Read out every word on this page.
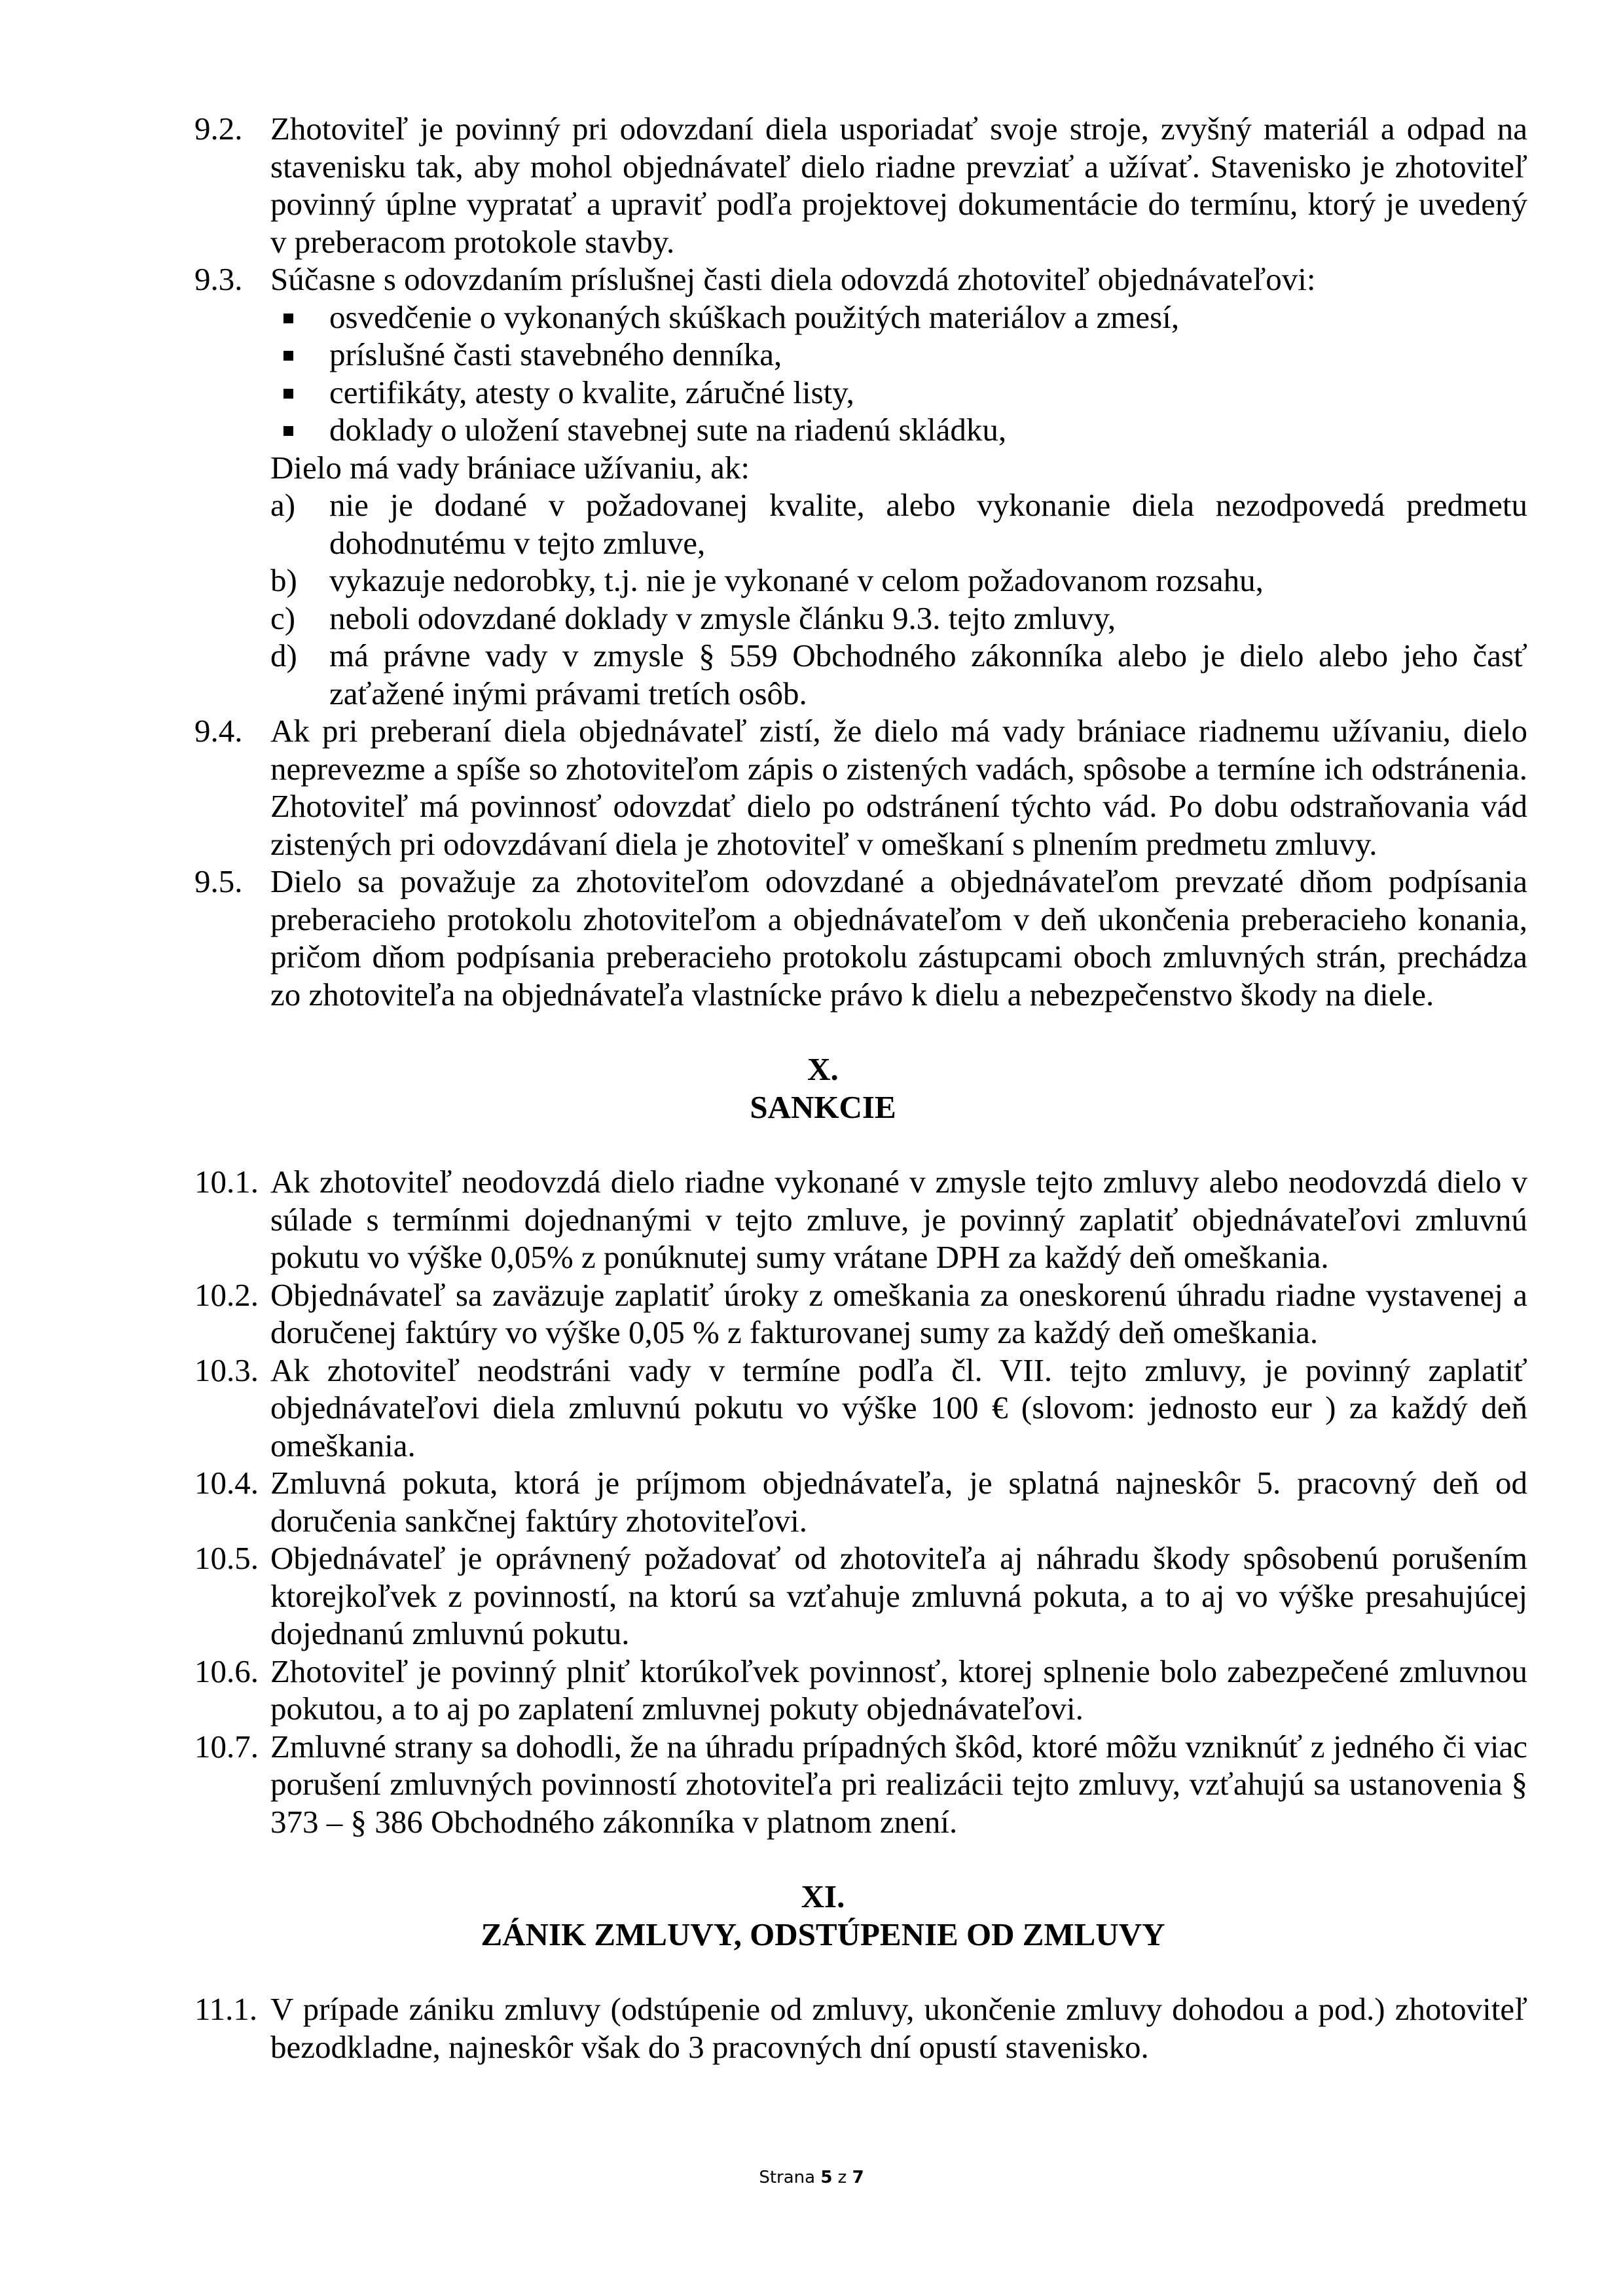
9.2. Zhotoviteľ je povinný pri odovzdaní diela usporiadať svoje stroje, zvyšný materiál a odpad na stavenisku tak, aby mohol objednávateľ dielo riadne prevziať a užívať. Stavenisko je zhotoviteľ povinný úplne vypratať a upraviť podľa projektovej dokumentácie do termínu, ktorý je uvedený v preberacom protokole stavby.

9.3. Súčasne s odovzdaním príslušnej časti diela odovzdá zhotoviteľ objednávateľovi:

osvedčenie o vykonaných skúškach použitých materiálov a zmesí,
príslušné časti stavebného denníka,
certifikáty, atesty o kvalite, záručné listy,
doklady o uložení stavebnej sute na riadenú skládku,

Dielo má vady brániace užívaniu, ak:

a) nie je dodané v požadovanej kvalite, alebo vykonanie diela nezodpovedá predmetu dohodnutému v tejto zmluve,
b) vykazuje nedorobky, t.j. nie je vykonané v celom požadovanom rozsahu,
c) neboli odovzdané doklady v zmysle článku 9.3. tejto zmluvy,
d) má právne vady v zmysle § 559 Obchodného zákonníka alebo je dielo alebo jeho časť zaťažené inými právami tretích osôb.
9.4. Ak pri preberaní diela objednávateľ zistí, že dielo má vady brániace riadnemu užívaniu, dielo neprevezme a spíše so zhotoviteľom zápis o zistených vadách, spôsobe a termíne ich odstránenia. Zhotoviteľ má povinnosť odovzdať dielo po odstránení týchto vád. Po dobu odstraňovania vád zistených pri odovzdávaní diela je zhotoviteľ v omeškaní s plnením predmetu zmluvy.

9.5. Dielo sa považuje za zhotoviteľom odovzdané a objednávateľom prevzaté dňom podpísania preberacieho protokolu zhotoviteľom a objednávateľom v deň ukončenia preberacieho konania, pričom dňom podpísania preberacieho protokolu zástupcami oboch zmluvných strán, prechádza zo zhotoviteľa na objednávateľa vlastnícke právo k dielu a nebezpečenstvo škody na diele.

X.
SANKCIE
10.1. Ak zhotoviteľ neodovzdá dielo riadne vykonané v zmysle tejto zmluvy alebo neodovzdá dielo v súlade s termínmi dojednanými v tejto zmluve, je povinný zaplatiť objednávateľovi zmluvnú pokutu vo výške 0,05% z ponúknutej sumy vrátane DPH za každý deň omeškania.

10.2. Objednávateľ sa zaväzuje zaplatiť úroky z omeškania za oneskorenú úhradu riadne vystavenej a doručenej faktúry vo výške 0,05 % z fakturovanej sumy za každý deň omeškania.

10.3. Ak zhotoviteľ neodstráni vady v termíne podľa čl. VII. tejto zmluvy, je povinný zaplatiť objednávateľovi diela zmluvnú pokutu vo výške 100 € (slovom: jednosto eur ) za každý deň omeškania.

10.4. Zmluvná pokuta, ktorá je príjmom objednávateľa, je splatná najneskôr 5. pracovný deň od doručenia sankčnej faktúry zhotoviteľovi.

10.5. Objednávateľ je oprávnený požadovať od zhotoviteľa aj náhradu škody spôsobenú porušením ktorejkoľvek z povinností, na ktorú sa vzťahuje zmluvná pokuta, a to aj vo výške presahujúcej dojednanú zmluvnú pokutu.

10.6. Zhotoviteľ je povinný plniť ktorúkoľvek povinnosť, ktorej splnenie bolo zabezpečené zmluvnou pokutou, a to aj po zaplatení zmluvnej pokuty objednávateľovi.

10.7. Zmluvné strany sa dohodli, že na úhradu prípadných škôd, ktoré môžu vzniknúť z jedného či viac porušení zmluvných povinností zhotoviteľa pri realizácii tejto zmluvy, vzťahujú sa ustanovenia § 373 – § 386 Obchodného zákonníka v platnom znení.

XI.
ZÁNIK ZMLUVY, ODSTÚPENIE OD ZMLUVY
11.1. V prípade zániku zmluvy (odstúpenie od zmluvy, ukončenie zmluvy dohodou a pod.) zhotoviteľ bezodkladne, najneskôr však do 3 pracovných dní opustí stavenisko.

Strana 5 z 7
